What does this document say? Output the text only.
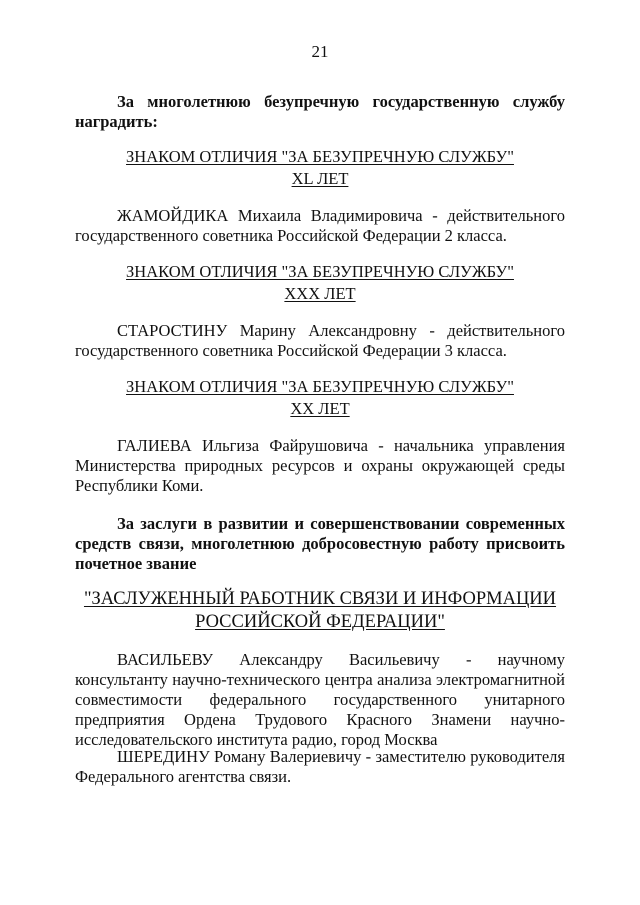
21
За многолетнюю безупречную государственную службу наградить:
ЗНАКОМ ОТЛИЧИЯ "ЗА БЕЗУПРЕЧНУЮ СЛУЖБУ"
XL ЛЕТ
ЖАМОЙДИКА Михаила Владимировича - действительного государственного советника Российской Федерации 2 класса.
ЗНАКОМ ОТЛИЧИЯ "ЗА БЕЗУПРЕЧНУЮ СЛУЖБУ"
XXX ЛЕТ
СТАРОСТИНУ Марину Александровну - действительного государственного советника Российской Федерации 3 класса.
ЗНАКОМ ОТЛИЧИЯ "ЗА БЕЗУПРЕЧНУЮ СЛУЖБУ"
XX ЛЕТ
ГАЛИЕВА Ильгиза Файрушовича - начальника управления Министерства природных ресурсов и охраны окружающей среды Республики Коми.
За заслуги в развитии и совершенствовании современных средств связи, многолетнюю добросовестную работу присвоить почетное звание
"ЗАСЛУЖЕННЫЙ РАБОТНИК СВЯЗИ И ИНФОРМАЦИИ
РОССИЙСКОЙ ФЕДЕРАЦИИ"
ВАСИЛЬЕВУ Александру Васильевичу - научному консультанту научно-технического центра анализа электромагнитной совместимости федерального государственного унитарного предприятия Ордена Трудового Красного Знамени научно-исследовательского института радио, город Москва
ШЕРЕДИНУ Роману Валериевичу - заместителю руководителя Федерального агентства связи.
